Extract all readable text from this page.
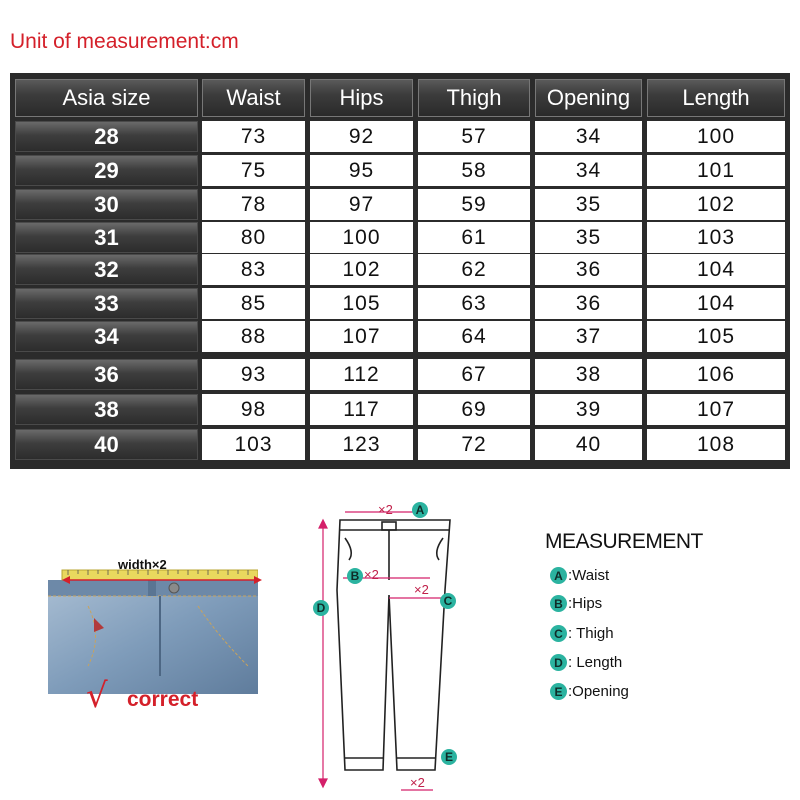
Unit of measurement:cm
Asia size	Waist	Hips	Thigh	Opening	Length
28	73	92	57	34	100
29	75	95	58	34	101
30	78	97	59	35	102
31	80	100	61	35	103
32	83	102	62	36	104
33	85	105	63	36	104
34	88	107	64	37	105
36	93	112	67	38	106
38	98	117	69	39	107
40	103	123	72	40	108
width×2
√ correct
×2	A
B ×2
×2
C
D
E
×2
MEASUREMENT
A :Waist
B :Hips
C : Thigh
D : Length
E :Opening
